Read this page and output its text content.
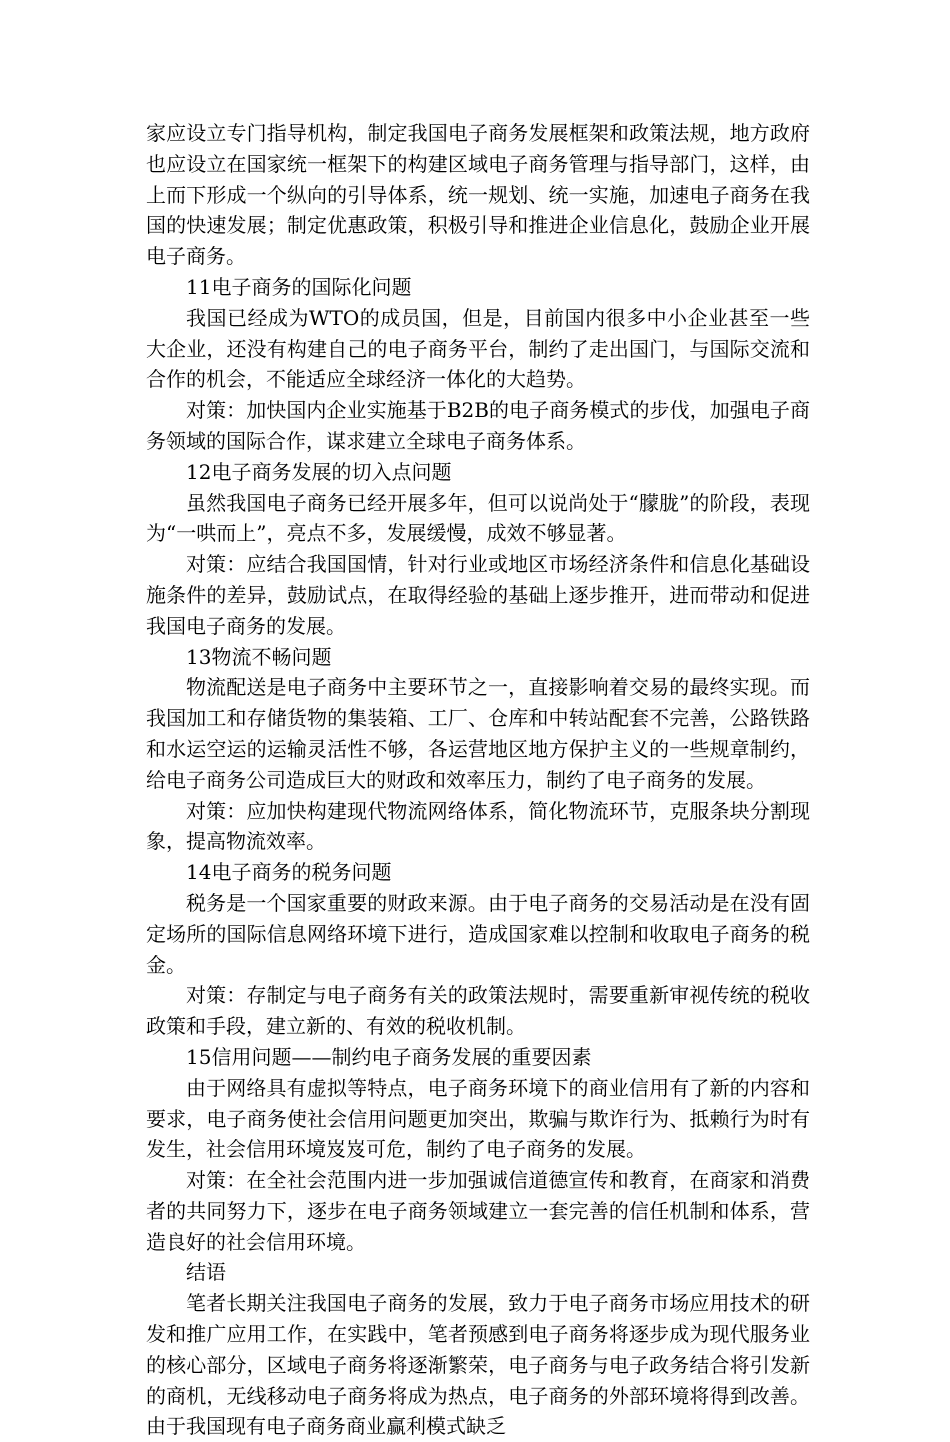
家应设立专门指导机构，制定我国电子商务发展框架和政策法规，地方政府也应设立在国家统一框架下的构建区域电子商务管理与指导部门，这样，由上而下形成一个纵向的引导体系，统一规划、统一实施，加速电子商务在我国的快速发展；制定优惠政策，积极引导和推进企业信息化，鼓励企业开展电子商务。

11电子商务的国际化问题

我国已经成为WTO的成员国，但是，目前国内很多中小企业甚至一些大企业，还没有构建自己的电子商务平台，制约了走出国门，与国际交流和合作的机会，不能适应全球经济一体化的大趋势。

对策：加快国内企业实施基于B2B的电子商务模式的步伐，加强电子商务领域的国际合作，谋求建立全球电子商务体系。

12电子商务发展的切入点问题

虽然我国电子商务已经开展多年，但可以说尚处于“朦胧”的阶段，表现为“一哄而上”，亮点不多，发展缓慢，成效不够显著。

对策：应结合我国国情，针对行业或地区市场经济条件和信息化基础设施条件的差异，鼓励试点，在取得经验的基础上逐步推开，进而带动和促进我国电子商务的发展。

13物流不畅问题

物流配送是电子商务中主要环节之一，直接影响着交易的最终实现。而我国加工和存储货物的集装箱、工厂、仓库和中转站配套不完善，公路铁路和水运空运的运输灵活性不够，各运营地区地方保护主义的一些规章制约，给电子商务公司造成巨大的财政和效率压力，制约了电子商务的发展。

对策：应加快构建现代物流网络体系，简化物流环节，克服条块分割现象，提高物流效率。

14电子商务的税务问题

税务是一个国家重要的财政来源。由于电子商务的交易活动是在没有固定场所的国际信息网络环境下进行，造成国家难以控制和收取电子商务的税金。

对策：存制定与电子商务有关的政策法规时，需要重新审视传统的税收政策和手段，建立新的、有效的税收机制。

15信用问题——制约电子商务发展的重要因素

由于网络具有虚拟等特点，电子商务环境下的商业信用有了新的内容和要求，电子商务使社会信用问题更加突出，欺骗与欺诈行为、抵赖行为时有发生，社会信用环境岌岌可危，制约了电子商务的发展。

对策：在全社会范围内进一步加强诚信道德宣传和教育，在商家和消费者的共同努力下，逐步在电子商务领域建立一套完善的信任机制和体系，营造良好的社会信用环境。

结语

笔者长期关注我国电子商务的发展，致力于电子商务市场应用技术的研发和推广应用工作，在实践中，笔者预感到电子商务将逐步成为现代服务业的核心部分，区域电子商务将逐渐繁荣，电子商务与电子政务结合将引发新的商机，无线移动电子商务将成为热点，电子商务的外部环境将得到改善。由于我国现有电子商务商业赢利模式缺乏
